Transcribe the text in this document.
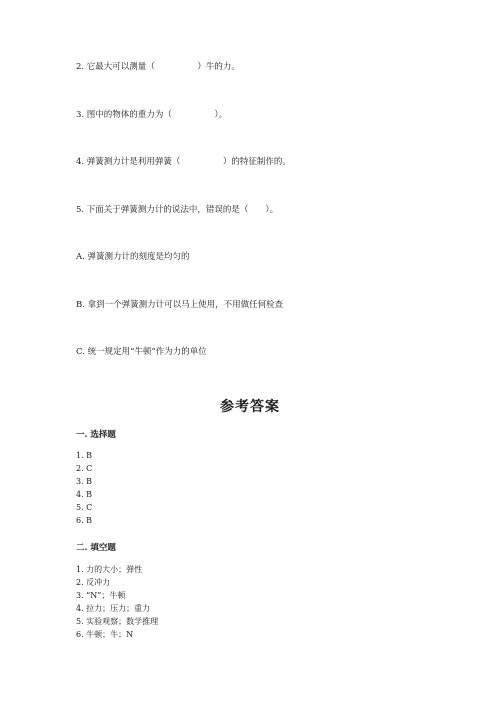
2. 它最大可以测量（　　　　　）牛的力。
3. 图中的物体的重力为（　　　　　）。
4. 弹簧测力计是利用弹簧（　　　　　）的特征制作的。
5. 下面关于弹簧测力计的说法中，错误的是（　　）。
A. 弹簧测力计的刻度是均匀的
B. 拿到一个弹簧测力计可以马上使用，不用做任何检查
C. 统一规定用“牛顿”作为力的单位
参考答案
一. 选择题
1. B
2. C
3. B
4. B
5. C
6. B
二. 填空题
1. 力的大小；弹性
2. 反冲力
3. “N”；牛顿
4. 拉力；压力；重力
5. 实验观察；数学推理
6. 牛顿；牛；N
